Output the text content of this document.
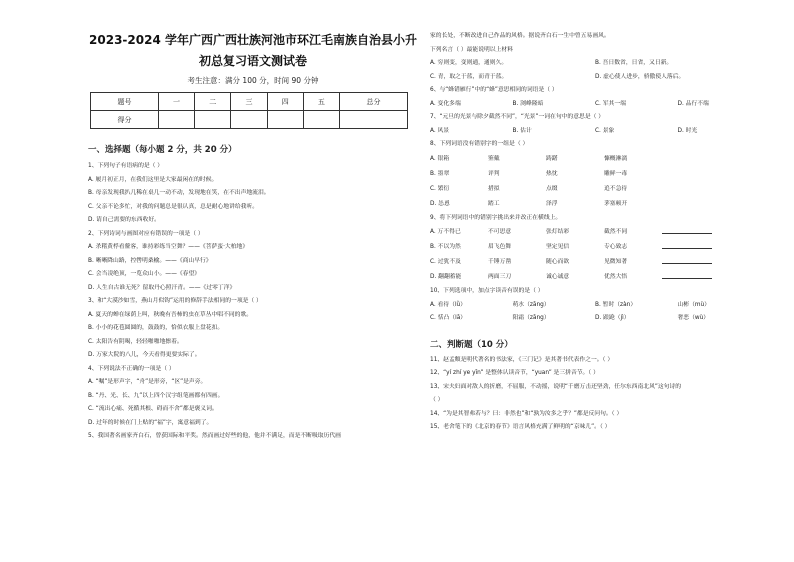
2023-2024 学年广西广西壮族河池市环江毛南族自治县小升
初总复习语文测试卷
考生注意：满分 100 分，时间 90 分钟
题号	一	二	三	四	五	总分
得分						
一、选择题（每小题 2 分，共 20 分）
1、下列句子有语病的是（ ）
A. 履月初正月，在我们这里是大家最闲在的时候。
B. 母亲发现我扒几稀在桌几一动不动，发现地在笑，在不出声地流泪。
C. 父亲不论多忙，对我的问题总是很认真，总是耐心地讲给我听。
D. 请自己需要的东西收好。
2、下列诗词与画图对应有错误的一项是（ ）
A. 杀稽黄桴看鳌客，谁持彩练当空舞？——《菩萨蛮·大柏地》
B. 晰晰降山路，控辔明桑榆。——《商山早行》
C. 会当凌绝顶，一览众山小。——《春望》
D. 人生自古谁无死？留取丹心照汗青。——《过零丁洋》
3、和“大漠沙如雪，燕山月似钩”运用的修辞手法相同的一项是（ ）
A. 夏天的蝉在绿荫上叫，秋晚有吾柿的虫在草丛中唱不同的歌。
B. 小小的花苞圆圆的，鼓鼓的，恰似衣服上盘花扣。
C. 太阳告有阴喝，轻轻啪啪地擦着。
D. 万家大院的八儿，今天看得更要实际了。
4、下列说法不正确的一项是（ ）
A. “嘱”是形声字，“舟”是形旁，“区”是声旁。
B. “丹、光、长、九”以上四个汉字组笔画都有四画。
C. “流出心痛、死循其根、碍而不舍”都是褒义词。
D. 过年的时候在门上贴的“福”字，寓意福到了。
5、我国著名画家齐白石，曾获国际和平奖。然而画过好些的他，他并不满足，而是不断吸取历代画
家的长处，不断改进自己作品的风格。据说齐白石一生中曾五易画风。
下列名言（ ）最能说明以上材料
A. 穷则变，变则通，通则久。	B. 吾日数省，日省，又日新。
C. 青，取之于蓝，而青于蓝。	D. 虚心使人进步，骄傲使人落后。
6、与“蜂错雁行”中的“蜂”意思相同的词语是（ ）
A. 变化多端	B. 浏峰隆暗	C. 军其一端	D. 品行不端
7、“元旦的光景与除夕截然不同”，“光景”一词在句中的意思是（ ）
A. 风景	B. 估计	C. 景象	D. 时光
8、下列词语没有错别字的一组是（ ）
A. 银箱	鉴戴	踌躇	慷概淋漓
B. 墨翠	评判	热忱	雕鲜一毒
C. 繁衍	措拟	点缀	追不急待
D. 怂恿	踏工	泽浮	茅塞顿开
9、将下列词语中的错别字挑出来并改正在横线上。
A. 万不得已	不可思意	张灯结彩	截然不同
B. 不以为然	眉飞色舞	坚定见信	专心致志
C. 过犹不及	千锤万凿	随心而欲	见微知著
D. 翻翻蓄能	两面三刀	诚心诚意	优然大悟
10、下列选项中，加点字读音有误的是（ ）
A. 看待（lǜ）	萌水（zāng）	B. 暂时（zàn）	山彬（mù）
C. 恬凸（lā）	阳霜（zāng）	D. 踉跄（jì）	奢恶（wù）
二、判断题（10 分）
11、赵孟頫是明代著名的书法家，《三门记》是其著书代表作之一。（ ）
12、“yí zhí ye yīn” 是整体认读音节，“yuan” 是三拼音节。（ ）
13、宋夫妇面对敌人的折磨，不屈服，不动摇，说明“千磨万击还坚劲，任尔东西南北风”这句诗的
（ ）
14、“为是其智弗若与？曰：非然也”和“孰为汝多之乎？”都是反问句。（ ）
15、老舍笔下的《北京的春节》语言风格充满了鲜明的“京味儿”。（ ）
